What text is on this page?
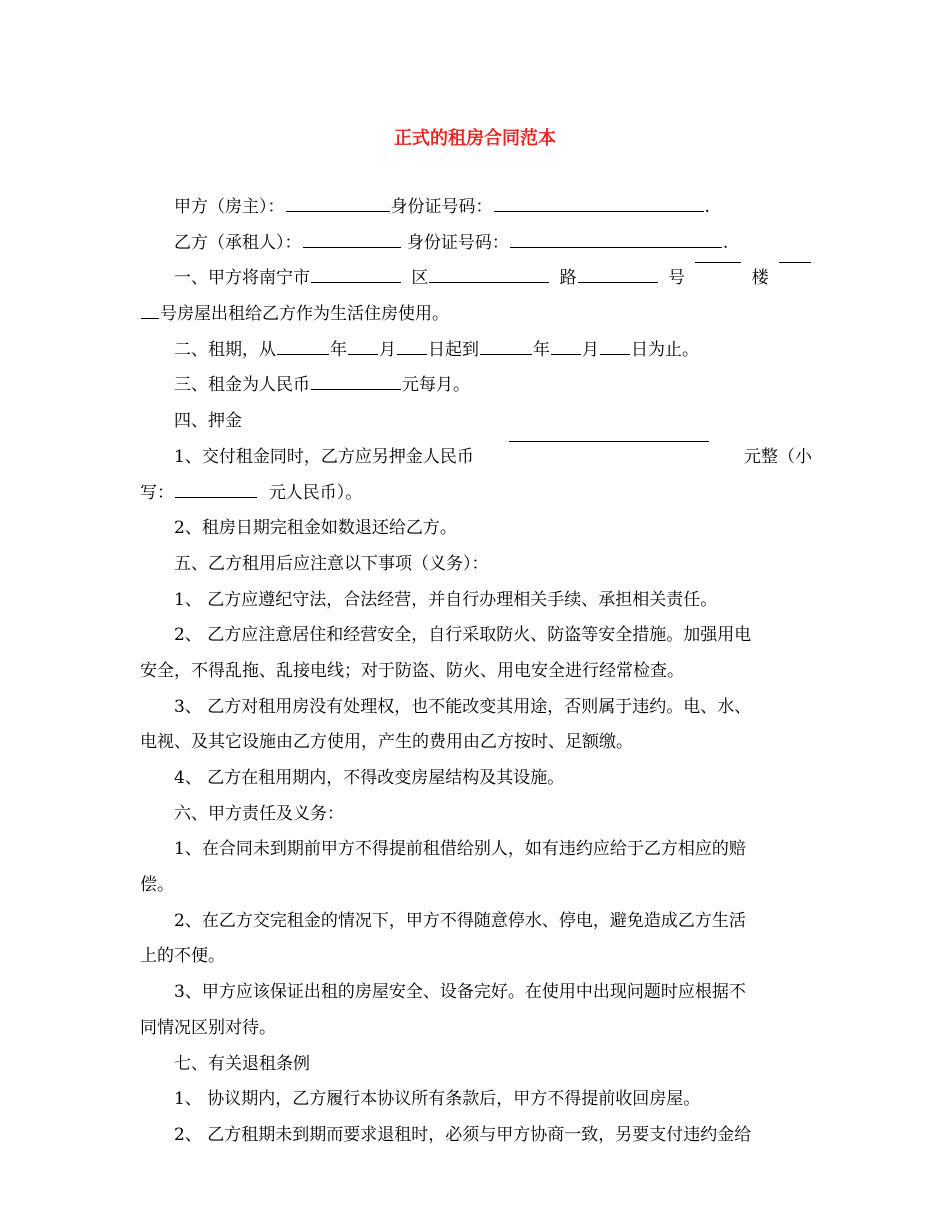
正式的租房合同范本
甲方（房主）：	身份证号码：	.
乙方（承租人）：	身份证号码：	.
一、甲方将南宁市	区	路	号	楼
号房屋出租给乙方作为生活住房使用。
二、租期，从	年 月 日起到	年 月 日为止。
三、租金为人民币	元每月。
四、押金
1、交付租金同时，乙方应另押金人民币	元整（小
写：	元人民币）。
2、租房日期完租金如数退还给乙方。
五、乙方租用后应注意以下事项（义务）：
1、 乙方应遵纪守法，合法经营，并自行办理相关手续、承担相关责任。
2、 乙方应注意居住和经营安全，自行采取防火、防盗等安全措施。加强用电
安全，不得乱拖、乱接电线；对于防盗、防火、用电安全进行经常检查。
3、 乙方对租用房没有处理权，也不能改变其用途，否则属于违约。电、水、
电视、及其它设施由乙方使用，产生的费用由乙方按时、足额缴。
4、 乙方在租用期内，不得改变房屋结构及其设施。
六、甲方责任及义务：
1、在合同未到期前甲方不得提前租借给别人，如有违约应给于乙方相应的赔
偿。
2、在乙方交完租金的情况下，甲方不得随意停水、停电，避免造成乙方生活
上的不便。
3、甲方应该保证出租的房屋安全、设备完好。在使用中出现问题时应根据不
同情况区别对待。
七、有关退租条例
1、 协议期内，乙方履行本协议所有条款后，甲方不得提前收回房屋。
2、 乙方租期未到期而要求退租时，必须与甲方协商一致，另要支付违约金给
